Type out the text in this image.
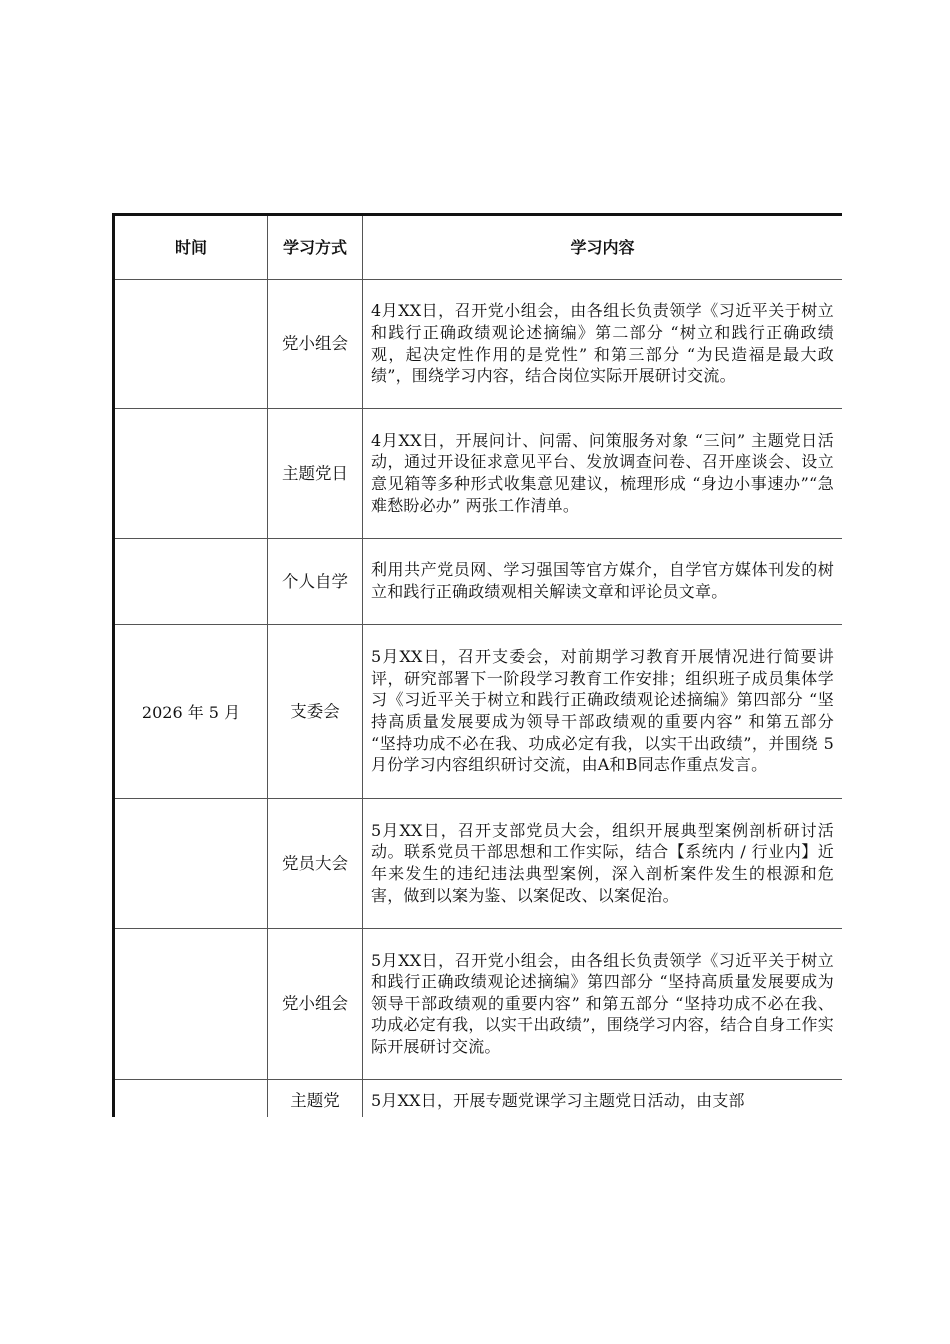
时间	学习方式	学习内容
	党小组会	4月XX日，召开党小组会，由各组长负责领学《习近平关于树立和践行正确政绩观论述摘编》第二部分 “树立和践行正确政绩观，起决定性作用的是党性” 和第三部分 “为民造福是最大政绩”，围绕学习内容，结合岗位实际开展研讨交流。
	主题党日	4月XX日，开展问计、问需、问策服务对象 “三问” 主题党日活动，通过开设征求意见平台、发放调查问卷、召开座谈会、设立意见箱等多种形式收集意见建议，梳理形成 “身边小事速办”“急难愁盼必办” 两张工作清单。
	个人自学	利用共产党员网、学习强国等官方媒介，自学官方媒体刊发的树立和践行正确政绩观相关解读文章和评论员文章。
2026 年 5 月	支委会	5月XX日，召开支委会，对前期学习教育开展情况进行简要讲评，研究部署下一阶段学习教育工作安排；组织班子成员集体学习《习近平关于树立和践行正确政绩观论述摘编》第四部分 “坚持高质量发展要成为领导干部政绩观的重要内容” 和第五部分 “坚持功成不必在我、功成必定有我，以实干出政绩”，并围绕 5 月份学习内容组织研讨交流，由A和B同志作重点发言。
	党员大会	5月XX日，召开支部党员大会，组织开展典型案例剖析研讨活动。联系党员干部思想和工作实际，结合【系统内 / 行业内】近年来发生的违纪违法典型案例，深入剖析案件发生的根源和危害，做到以案为鉴、以案促改、以案促治。
	党小组会	5月XX日，召开党小组会，由各组长负责领学《习近平关于树立和践行正确政绩观论述摘编》第四部分 “坚持高质量发展要成为领导干部政绩观的重要内容” 和第五部分 “坚持功成不必在我、功成必定有我，以实干出政绩”，围绕学习内容，结合自身工作实际开展研讨交流。
	主题党	5月XX日，开展专题党课学习主题党日活动，由支部
